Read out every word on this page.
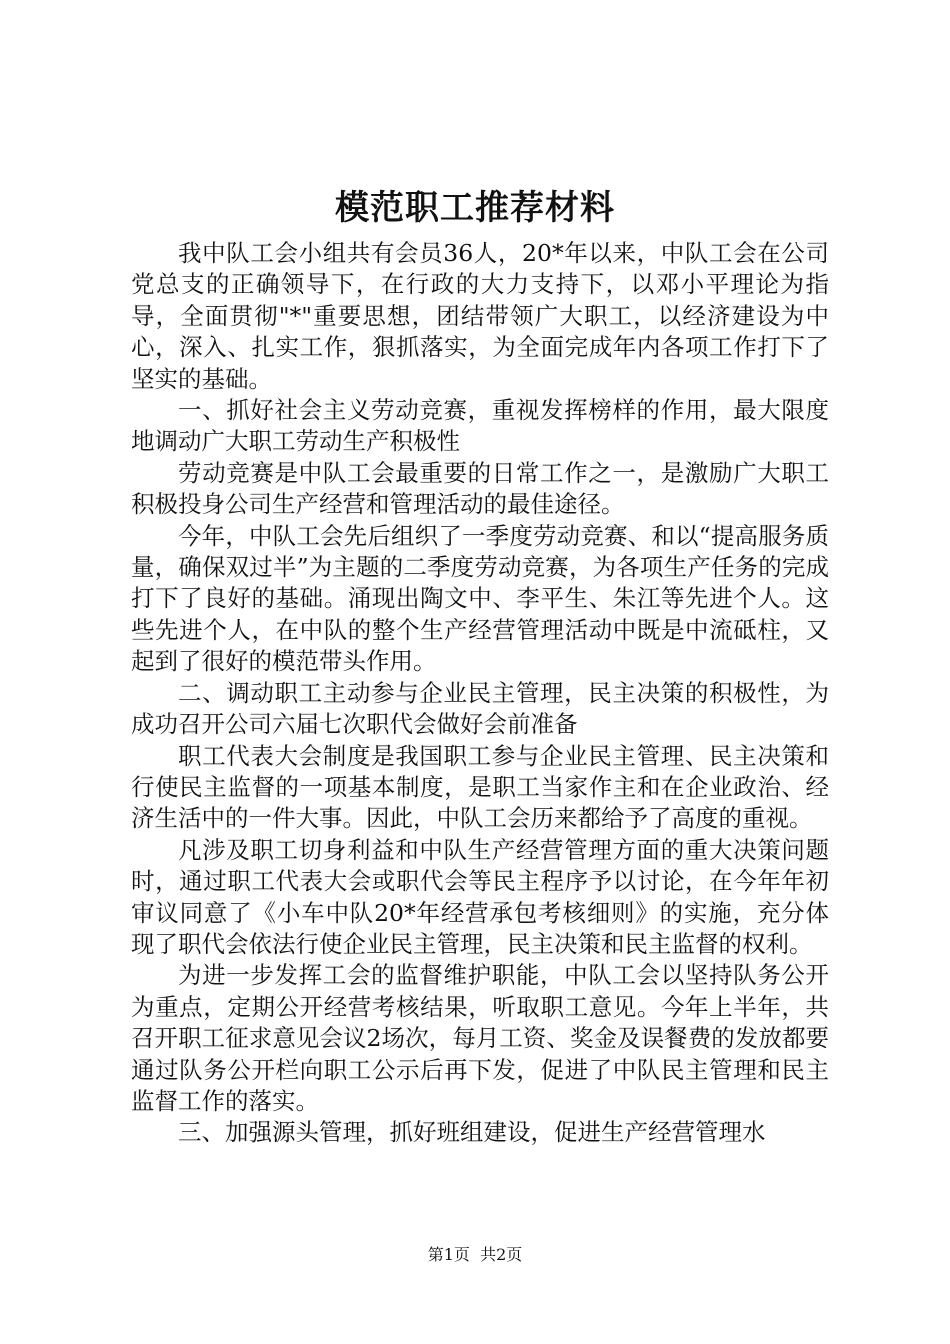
模范职工推荐材料

我中队工会小组共有会员36人，20*年以来，中队工会在公司党总支的正确领导下，在行政的大力支持下，以邓小平理论为指导，全面贯彻"*"重要思想，团结带领广大职工，以经济建设为中心，深入、扎实工作，狠抓落实，为全面完成年内各项工作打下了坚实的基础。

一、抓好社会主义劳动竞赛，重视发挥榜样的作用，最大限度地调动广大职工劳动生产积极性

劳动竞赛是中队工会最重要的日常工作之一，是激励广大职工积极投身公司生产经营和管理活动的最佳途径。

今年，中队工会先后组织了一季度劳动竞赛、和以“提高服务质量，确保双过半”为主题的二季度劳动竞赛，为各项生产任务的完成打下了良好的基础。涌现出陶文中、李平生、朱江等先进个人。这些先进个人，在中队的整个生产经营管理活动中既是中流砥柱，又起到了很好的模范带头作用。

二、调动职工主动参与企业民主管理，民主决策的积极性，为成功召开公司六届七次职代会做好会前准备

职工代表大会制度是我国职工参与企业民主管理、民主决策和行使民主监督的一项基本制度，是职工当家作主和在企业政治、经济生活中的一件大事。因此，中队工会历来都给予了高度的重视。

凡涉及职工切身利益和中队生产经营管理方面的重大决策问题时，通过职工代表大会或职代会等民主程序予以讨论，在今年年初审议同意了《小车中队20*年经营承包考核细则》的实施，充分体现了职代会依法行使企业民主管理，民主决策和民主监督的权利。

为进一步发挥工会的监督维护职能，中队工会以坚持队务公开为重点，定期公开经营考核结果，听取职工意见。今年上半年，共召开职工征求意见会议2场次，每月工资、奖金及误餐费的发放都要通过队务公开栏向职工公示后再下发，促进了中队民主管理和民主监督工作的落实。

三、加强源头管理，抓好班组建设，促进生产经营管理水

第1页 共2页
